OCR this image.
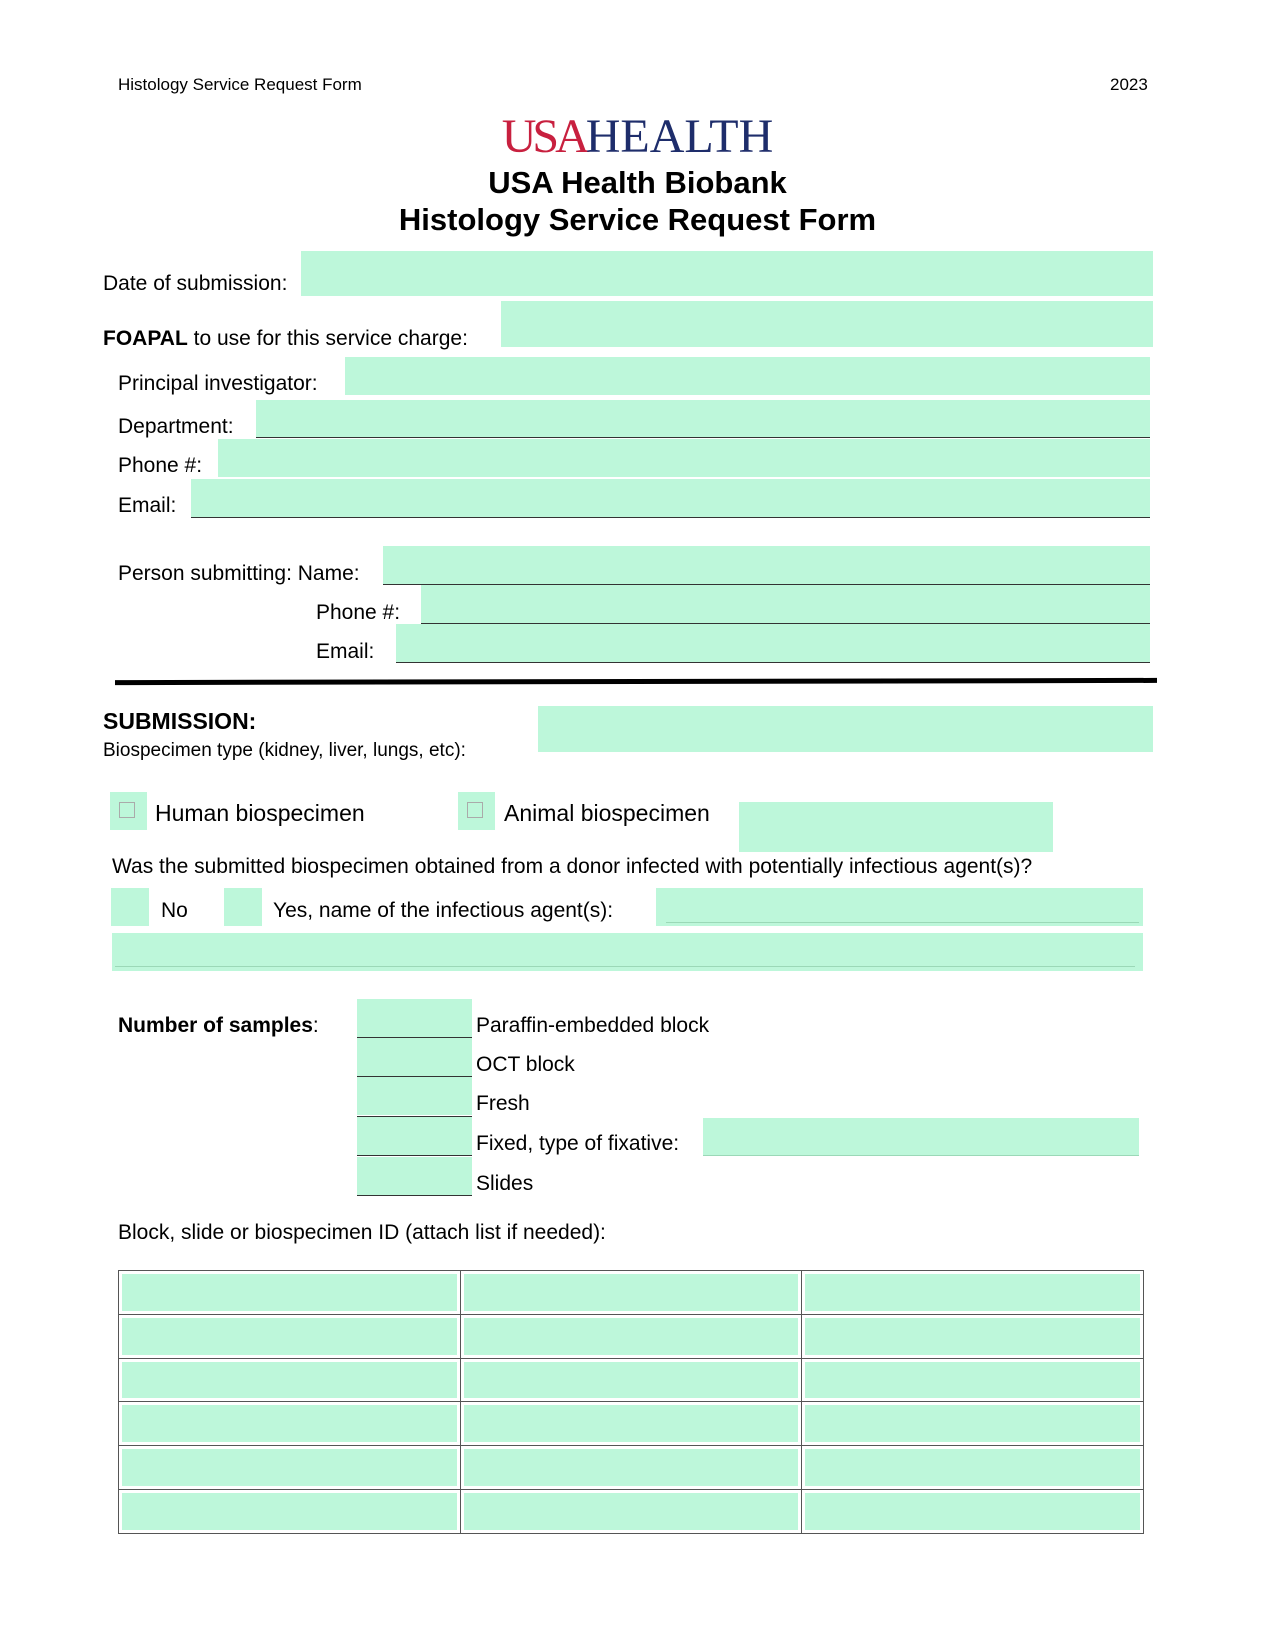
Histology Service Request Form	2023
USAHEALTH
USA Health Biobank
Histology Service Request Form
Date of submission:
FOAPAL to use for this service charge:
Principal investigator:
Department:
Phone #:
Email:
Person submitting: Name:
Phone #:
Email:
SUBMISSION:
Biospecimen type (kidney, liver, lungs, etc):
Human biospecimen	Animal biospecimen
Was the submitted biospecimen obtained from a donor infected with potentially infectious agent(s)?
No	Yes, name of the infectious agent(s):
Number of samples:	Paraffin-embedded block
OCT block
Fresh
Fixed, type of fixative:
Slides
Block, slide or biospecimen ID (attach list if needed):
